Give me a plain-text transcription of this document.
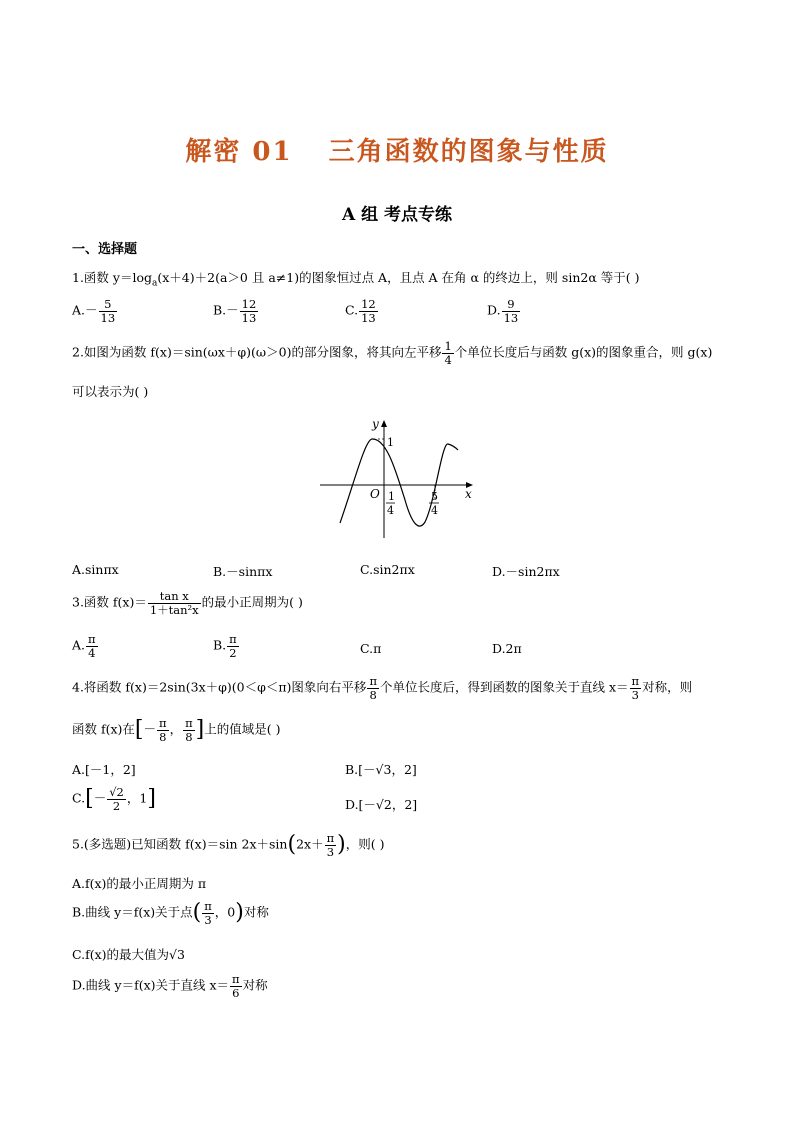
解密 01 三角函数的图象与性质
A 组 考点专练
一、选择题
1.函数 $y=\log_a(x+4)+2(a>0$ 且 a≠1)的图象恒过点 A，且点 A 在角 α 的终边上，则 sin2α 等于( )
$A.- \frac{5}{13}$	$B.- \frac{12}{13}$	C. $\frac{12}{13}$	D. $\frac{9}{13}$
2.如图为函数 f(x)＝sin(ωx＋φ)(ω＞0)的部分图象，将其向左平移 $\frac{1}{4}$ 个单位长度后与函数 g(x)的图象重合，则 g(x)
可以表示为( )
y
x
O
1
1
4
5
4
A.sinπx	B.－sinπx	C.sin2πx	D.－sin2πx
3.函数 $f(x)= \frac{\text{tan x}}{\text{1＋tan²x}}$ 的最小正周期为( )
A. $\frac{\pi}{4}$	B. $\frac{\pi}{2}$	C.π	D.2π
4.将函数 f(x)＝2sin(3x＋φ)(0＜φ＜π)图象向右平移 $\frac{\pi}{8}$ 个单位长度后，得到函数的图象关于直线 $x= \frac{\pi}{3}$ 对称，则
函数 f(x)在[－ $\frac{\pi}{8}$ ， $\frac{\pi}{8}$ ]上的值域是( )
A.[－1，2]	B.[－√3，2]
$C.[- \frac{√2}{2}$ ，1]	D.[－√2，2]
5.(多选题)已知函数 f(x)＝sin $2x+\sin(2x+ \frac{\pi}{3}$ )，则( )
A.f(x)的最小正周期为 π
B.曲线 y＝f(x)关于点( $\frac{\pi}{3}$ ，0)对称
C.f(x)的最大值为√3
D.曲线 y＝f(x)关于直线 $x= \frac{\pi}{6}$ 对称
